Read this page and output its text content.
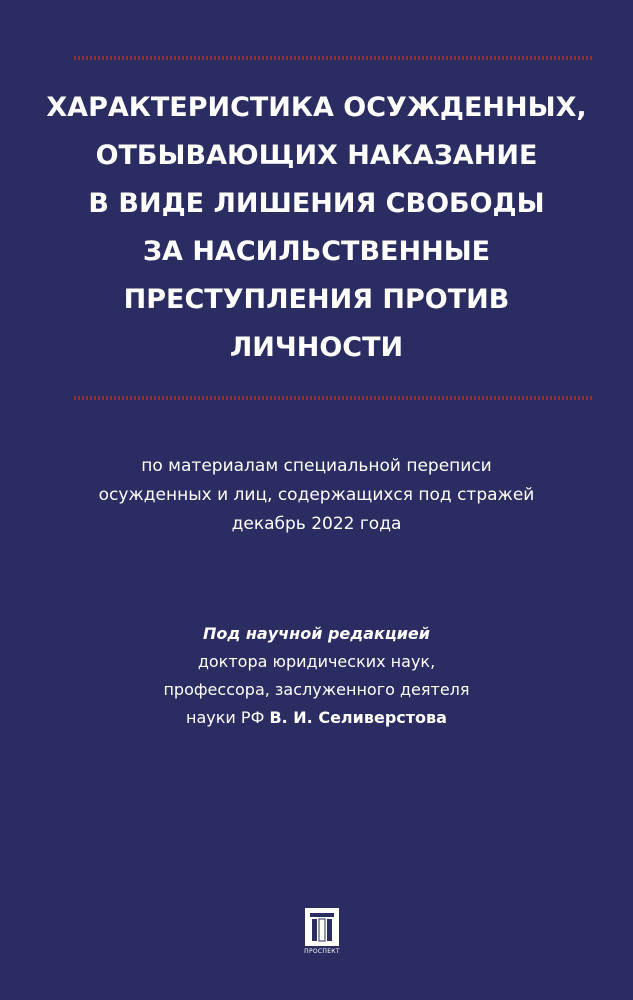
ХАРАКТЕРИСТИКА ОСУЖДЕННЫХ,
ОТБЫВАЮЩИХ НАКАЗАНИЕ
В ВИДЕ ЛИШЕНИЯ СВОБОДЫ
ЗА НАСИЛЬСТВЕННЫЕ
ПРЕСТУПЛЕНИЯ ПРОТИВ
ЛИЧНОСТИ
по материалам специальной переписи
осужденных и лиц, содержащихся под стражей
декабрь 2022 года
Под научной редакцией
доктора юридических наук,
профессора, заслуженного деятеля
науки РФ В. И. Селиверстова
ПРОСПЕКТ
